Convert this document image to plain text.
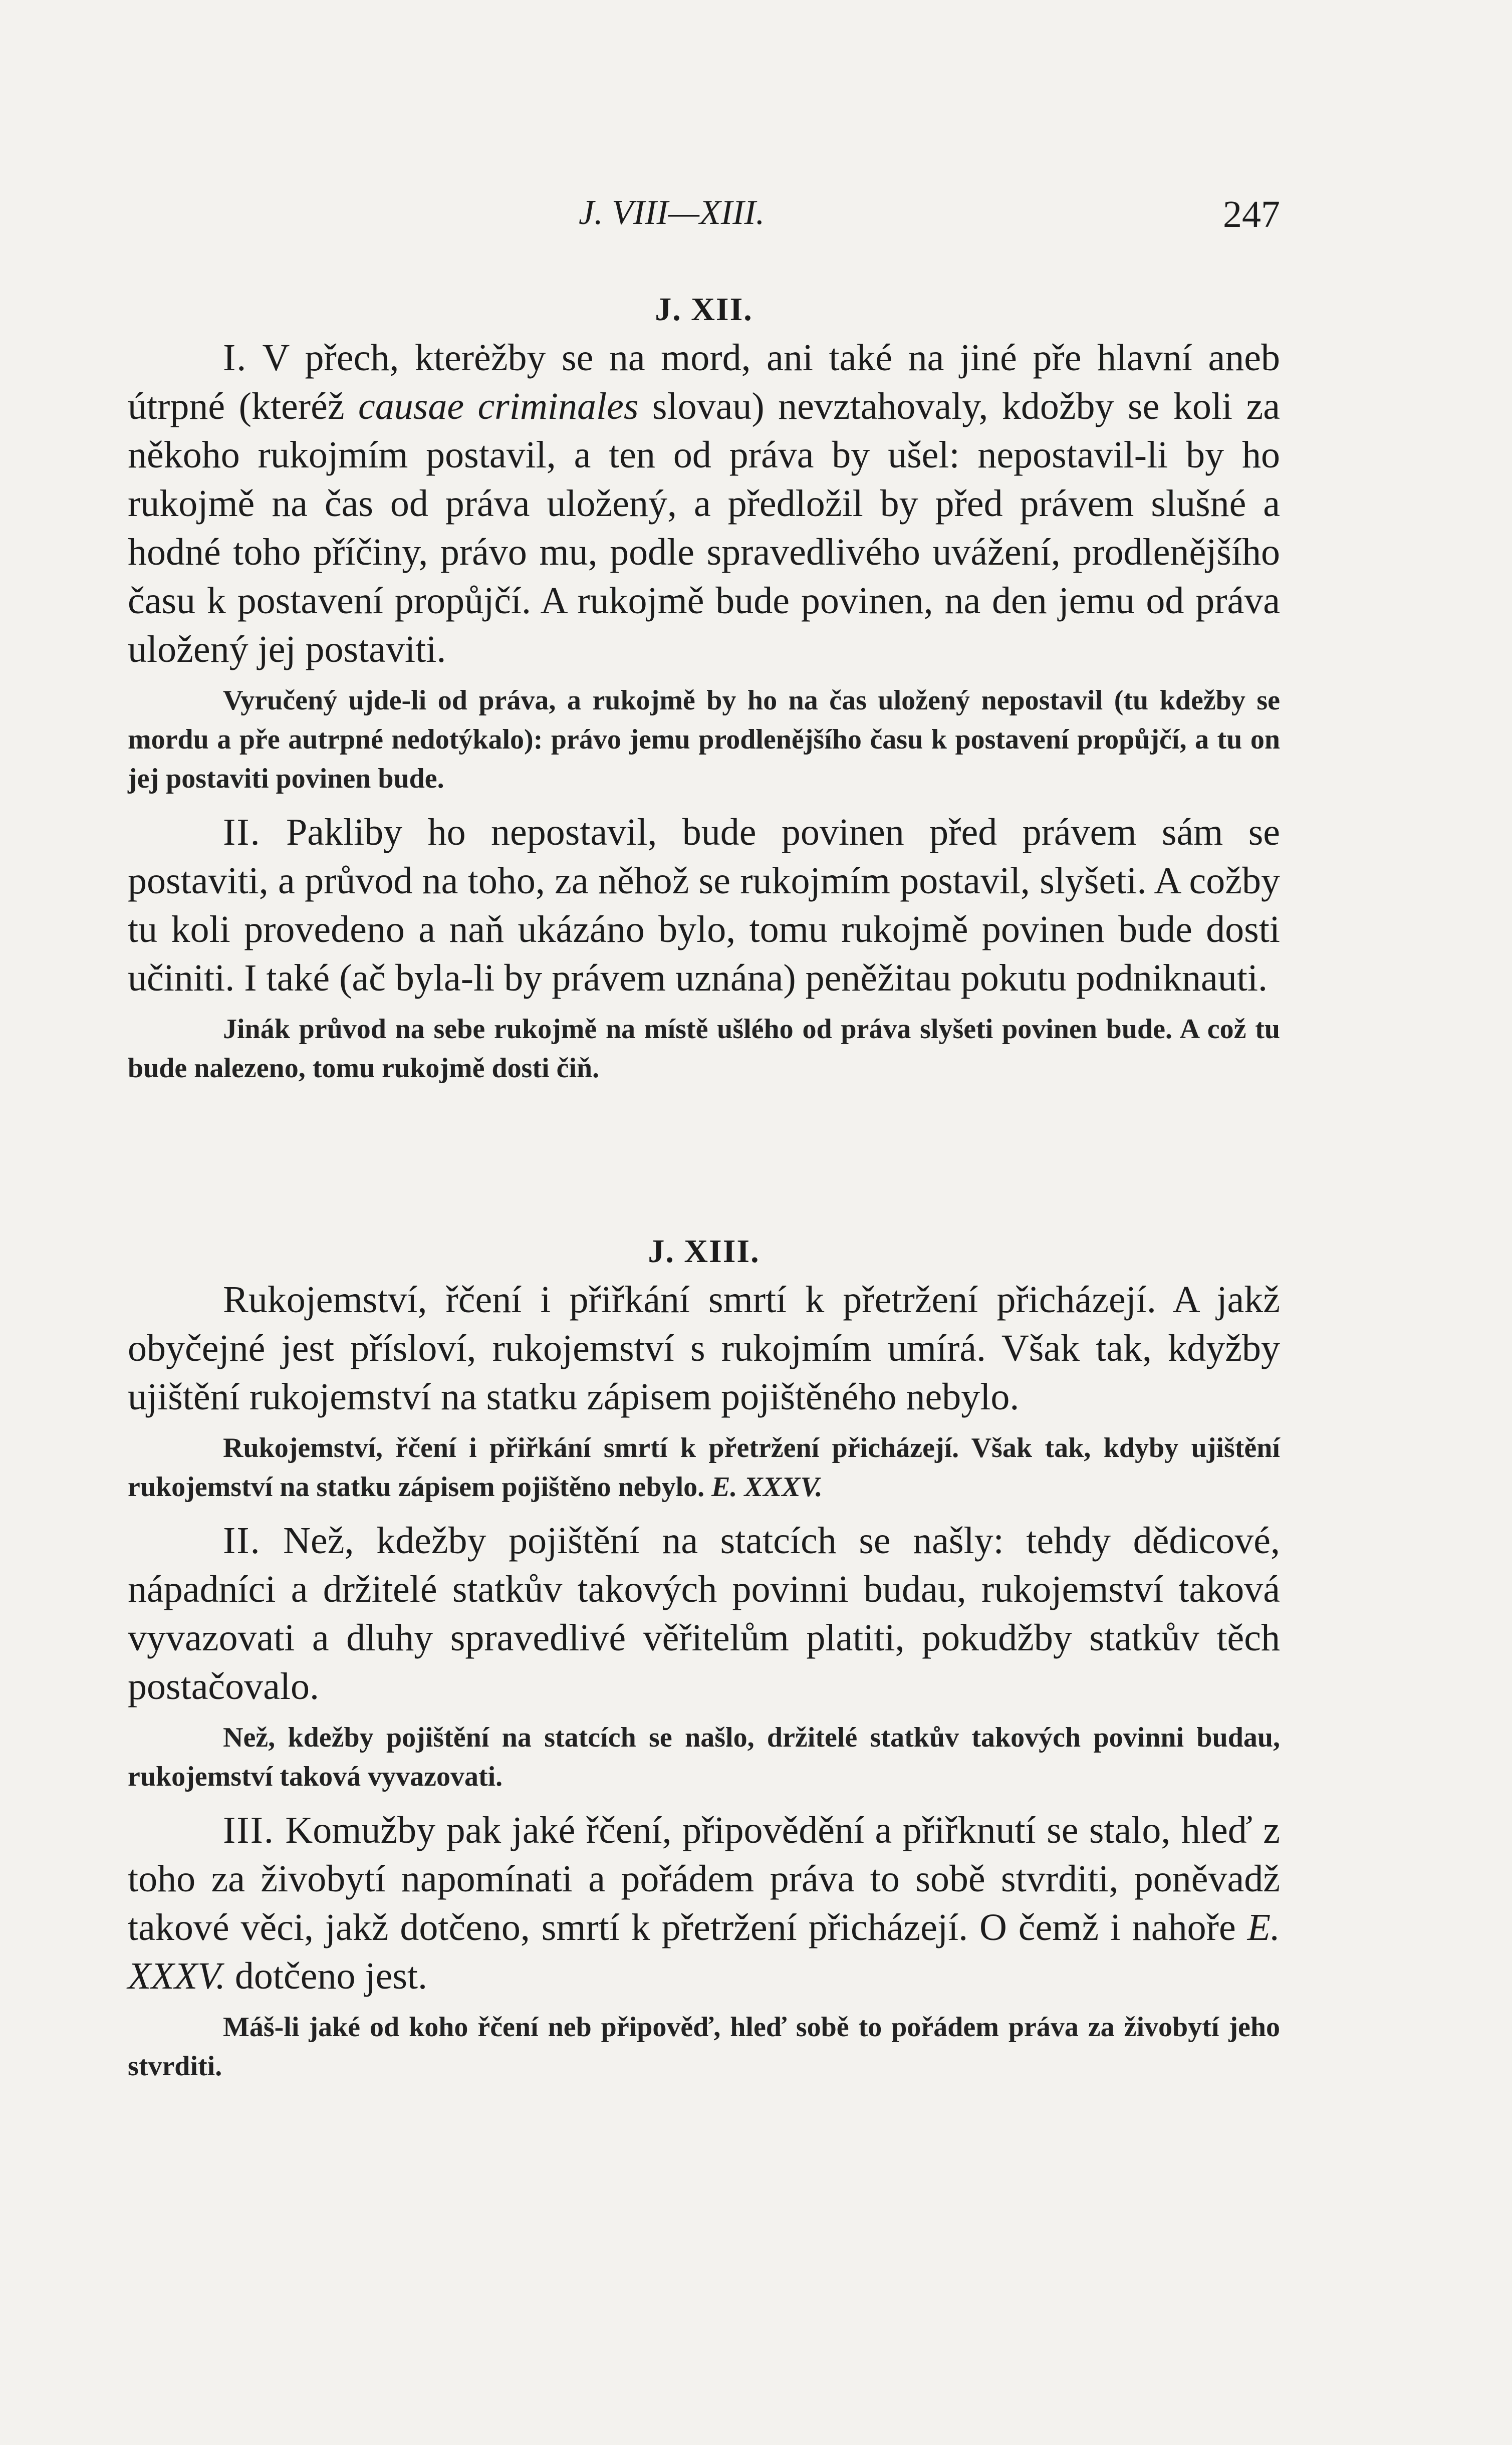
J. VIII—XIII.	247

J. XII.

I. V přech, kterėžby se na mord, ani také na jiné pře hlavní aneb útrpné (kteréž causae criminales slovau) nevztahovaly, kdožby se koli za někoho rukojmím postavil, a ten od práva by ušel: nepostavil-li by ho rukojmě na čas od práva uložený, a předložil by před právem slušné a hodné toho příčiny, právo mu, podle spravedlivého uvážení, prodlenějšího času k postavení propůjčí. A rukojmě bude povinen, na den jemu od práva uložený jej postaviti.

Vyručený ujde-li od práva, a rukojmě by ho na čas uložený nepostavil (tu kdežby se mordu a pře autrpné nedotýkalo): právo jemu prodlenějšího času k postavení propůjčí, a tu on jej postaviti povinen bude.

II. Pakliby ho nepostavil, bude povinen před právem sám se postaviti, a průvod na toho, za něhož se rukojmím postavil, slyšeti. A cožby tu koli provedeno a naň ukázáno bylo, tomu rukojmě povinen bude dosti učiniti. I také (ač byla-li by právem uznána) peněžitau pokutu podniknauti.

Jinák průvod na sebe rukojmě na místě ušlého od práva slyšeti povinen bude. A což tu bude nalezeno, tomu rukojmě dosti čiň.

J. XIII.

Rukojemství, řčení i přiřkání smrtí k přetržení přicházejí. A jakž obyčejné jest přísloví, rukojemství s rukojmím umírá. Však tak, kdyžby ujištění rukojemství na statku zápisem pojištěného nebylo.

Rukojemství, řčení i přiřkání smrtí k přetržení přicházejí. Však tak, kdyby ujištění rukojemství na statku zápisem pojištěno nebylo. E. XXXV.

II. Než, kdežby pojištění na statcích se našly: tehdy dědicové, nápadníci a držitelé statkův takových povinni budau, rukojemství taková vyvazovati a dluhy spravedlivé věřitelům platiti, pokudžby statkův těch postačovalo.

Než, kdežby pojištění na statcích se našlo, držitelé statkův takových povinni budau, rukojemství taková vyvazovati.

III. Komužby pak jaké řčení, připovědění a přiřknutí se stalo, hleď z toho za živobytí napomínati a pořádem práva to sobě stvrditi, poněvadž takové věci, jakž dotčeno, smrtí k přetržení přicházejí. O čemž i nahoře E. XXXV. dotčeno jest.

Máš-li jaké od koho řčení neb připověď, hleď sobě to pořádem práva za živobytí jeho stvrditi.
